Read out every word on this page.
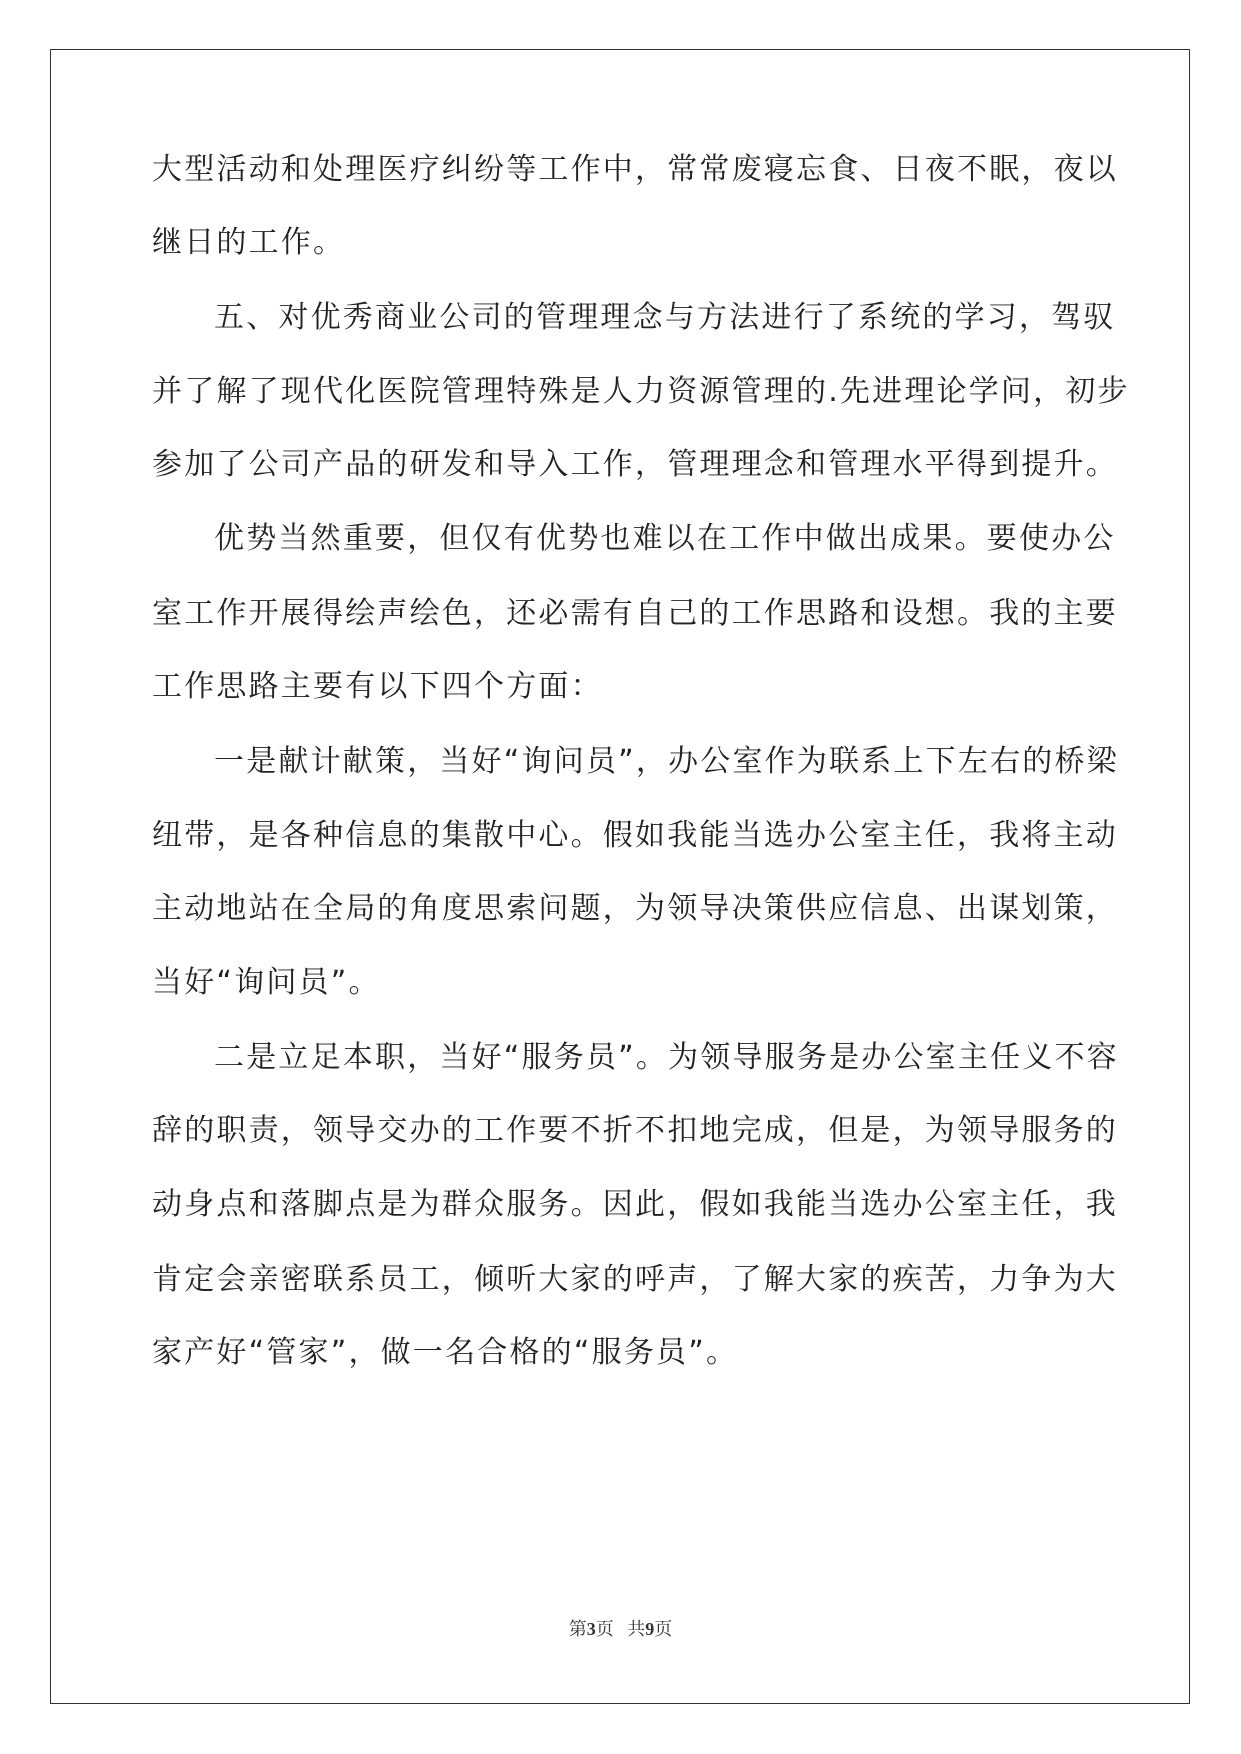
大型活动和处理医疗纠纷等工作中，常常废寝忘食、日夜不眠，夜以
继日的工作。
五、对优秀商业公司的管理理念与方法进行了系统的学习，驾驭
并了解了现代化医院管理特殊是人力资源管理的.先进理论学问，初步
参加了公司产品的研发和导入工作，管理理念和管理水平得到提升。
优势当然重要，但仅有优势也难以在工作中做出成果。要使办公
室工作开展得绘声绘色，还必需有自己的工作思路和设想。我的主要
工作思路主要有以下四个方面：
一是献计献策，当好“询问员”，办公室作为联系上下左右的桥梁
纽带，是各种信息的集散中心。假如我能当选办公室主任，我将主动
主动地站在全局的角度思索问题，为领导决策供应信息、出谋划策，
当好“询问员”。
二是立足本职，当好“服务员”。为领导服务是办公室主任义不容
辞的职责，领导交办的工作要不折不扣地完成，但是，为领导服务的
动身点和落脚点是为群众服务。因此，假如我能当选办公室主任，我
肯定会亲密联系员工，倾听大家的呼声，了解大家的疾苦，力争为大
家产好“管家”，做一名合格的“服务员”。
第3页   共9页
